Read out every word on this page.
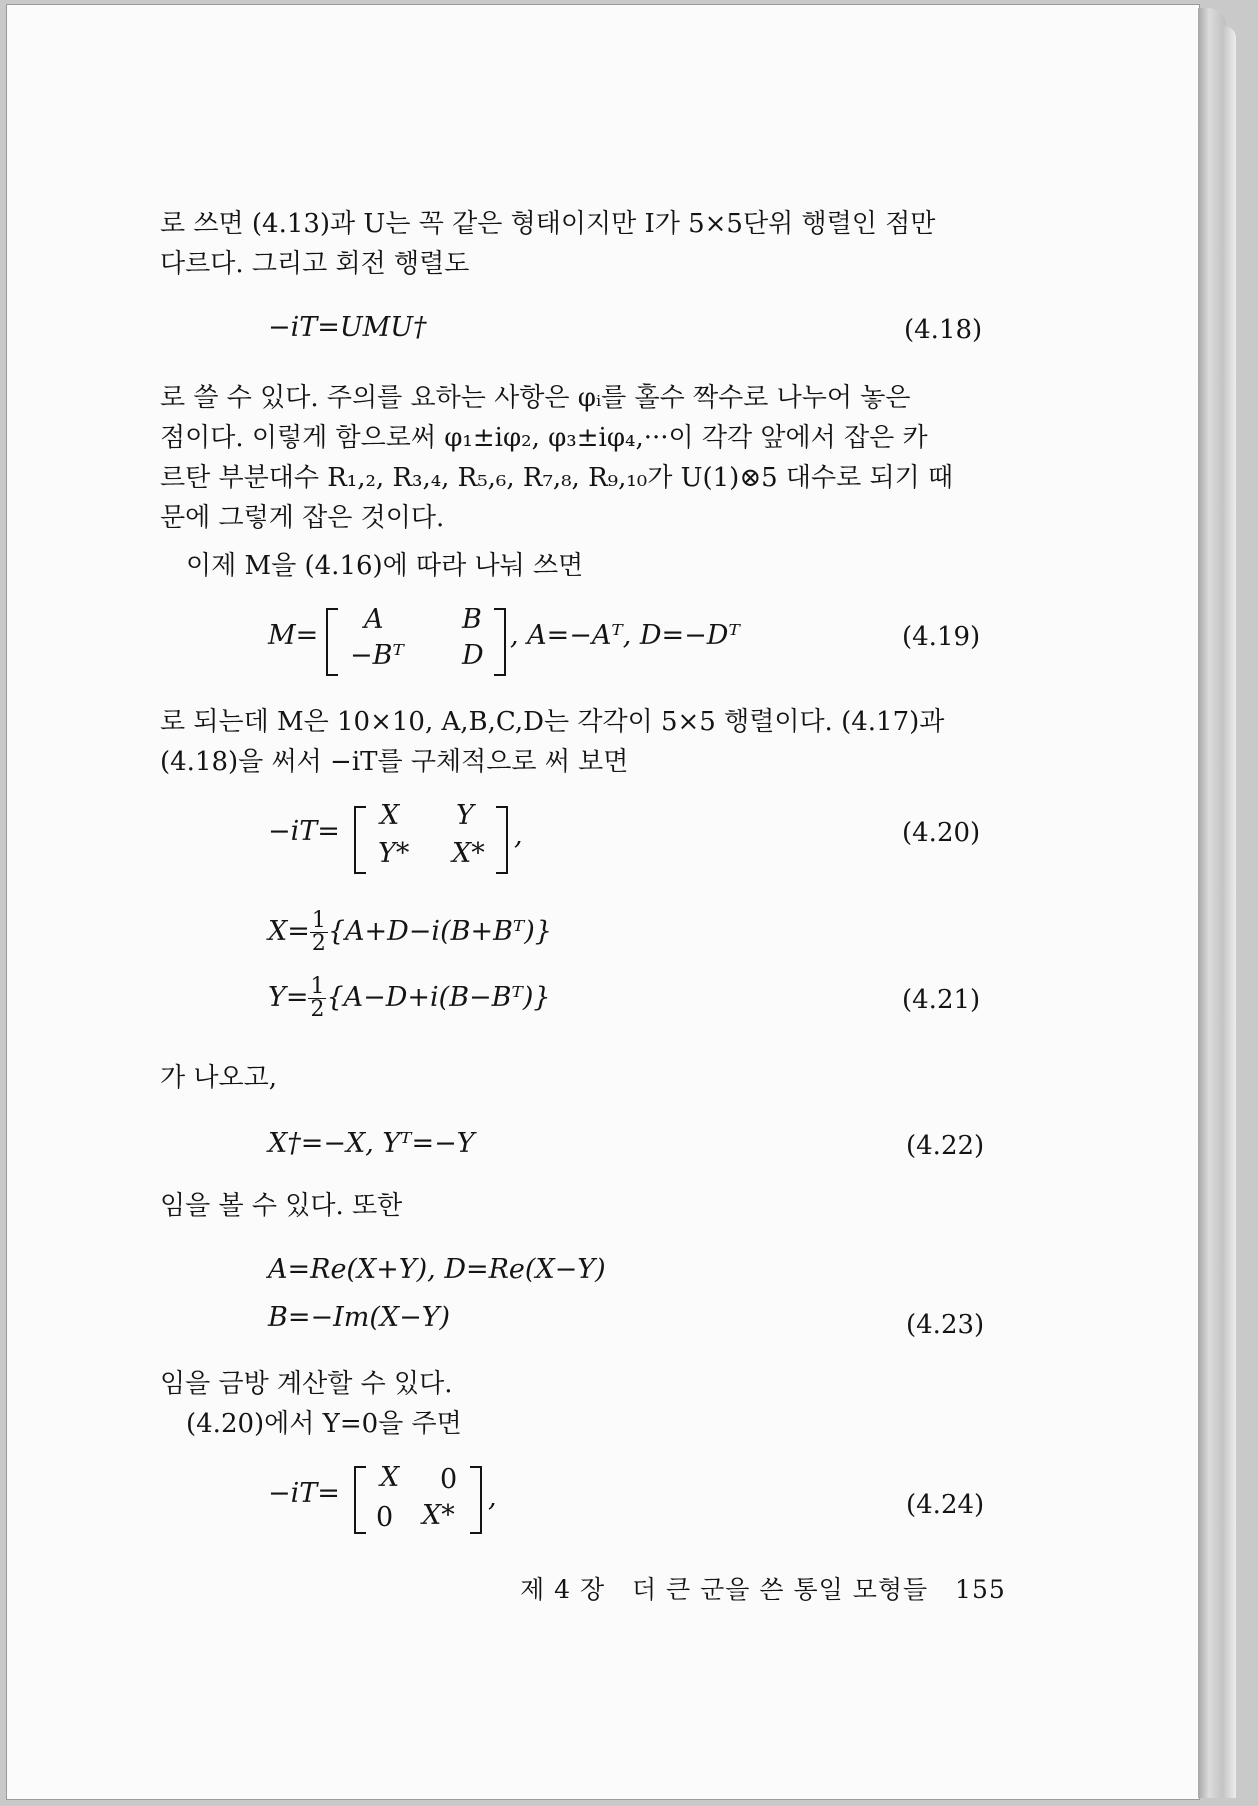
로 쓰면 (4.13)과 U는 꼭 같은 형태이지만 I가 5×5단위 행렬인 점만
다르다. 그리고 회전 행렬도
−iT=UMU†	(4.18)
로 쓸 수 있다. 주의를 요하는 사항은 φᵢ를 홀수 짝수로 나누어 놓은
점이다. 이렇게 함으로써 φ₁±iφ₂, φ₃±iφ₄,···이 각각 앞에서 잡은 카
르탄 부분대수 R₁,₂, R₃,₄, R₅,₆, R₇,₈, R₉,₁₀가 U(1)⊗5 대수로 되기 때
문에 그렇게 잡은 것이다.
이제 M을 (4.16)에 따라 나눠 쓰면
M=
A	B
−Bᵀ D
, A=−Aᵀ, D=−Dᵀ	(4.19)
로 되는데 M은 10×10, A,B,C,D는 각각이 5×5 행렬이다. (4.17)과
(4.18)을 써서 −iT를 구체적으로 써 보면
−iT=
X Y
Y* X*
,	(4.20)
$X= \frac{1}{2}$ {A+D−i(B+Bᵀ)}
$Y= \frac{1}{2}$ {A−D+i(B−Bᵀ)}	(4.21)
가 나오고,
X†=−X, Yᵀ=−Y	(4.22)
임을 볼 수 있다. 또한
A=Re(X+Y), D=Re(X−Y)
B=−Im(X−Y)	(4.23)
임을 금방 계산할 수 있다.
(4.20)에서 Y=0을 주면
−iT=
X 0
0 X*
,	(4.24)
제 4 장 더 큰 군을 쓴 통일 모형들 155
